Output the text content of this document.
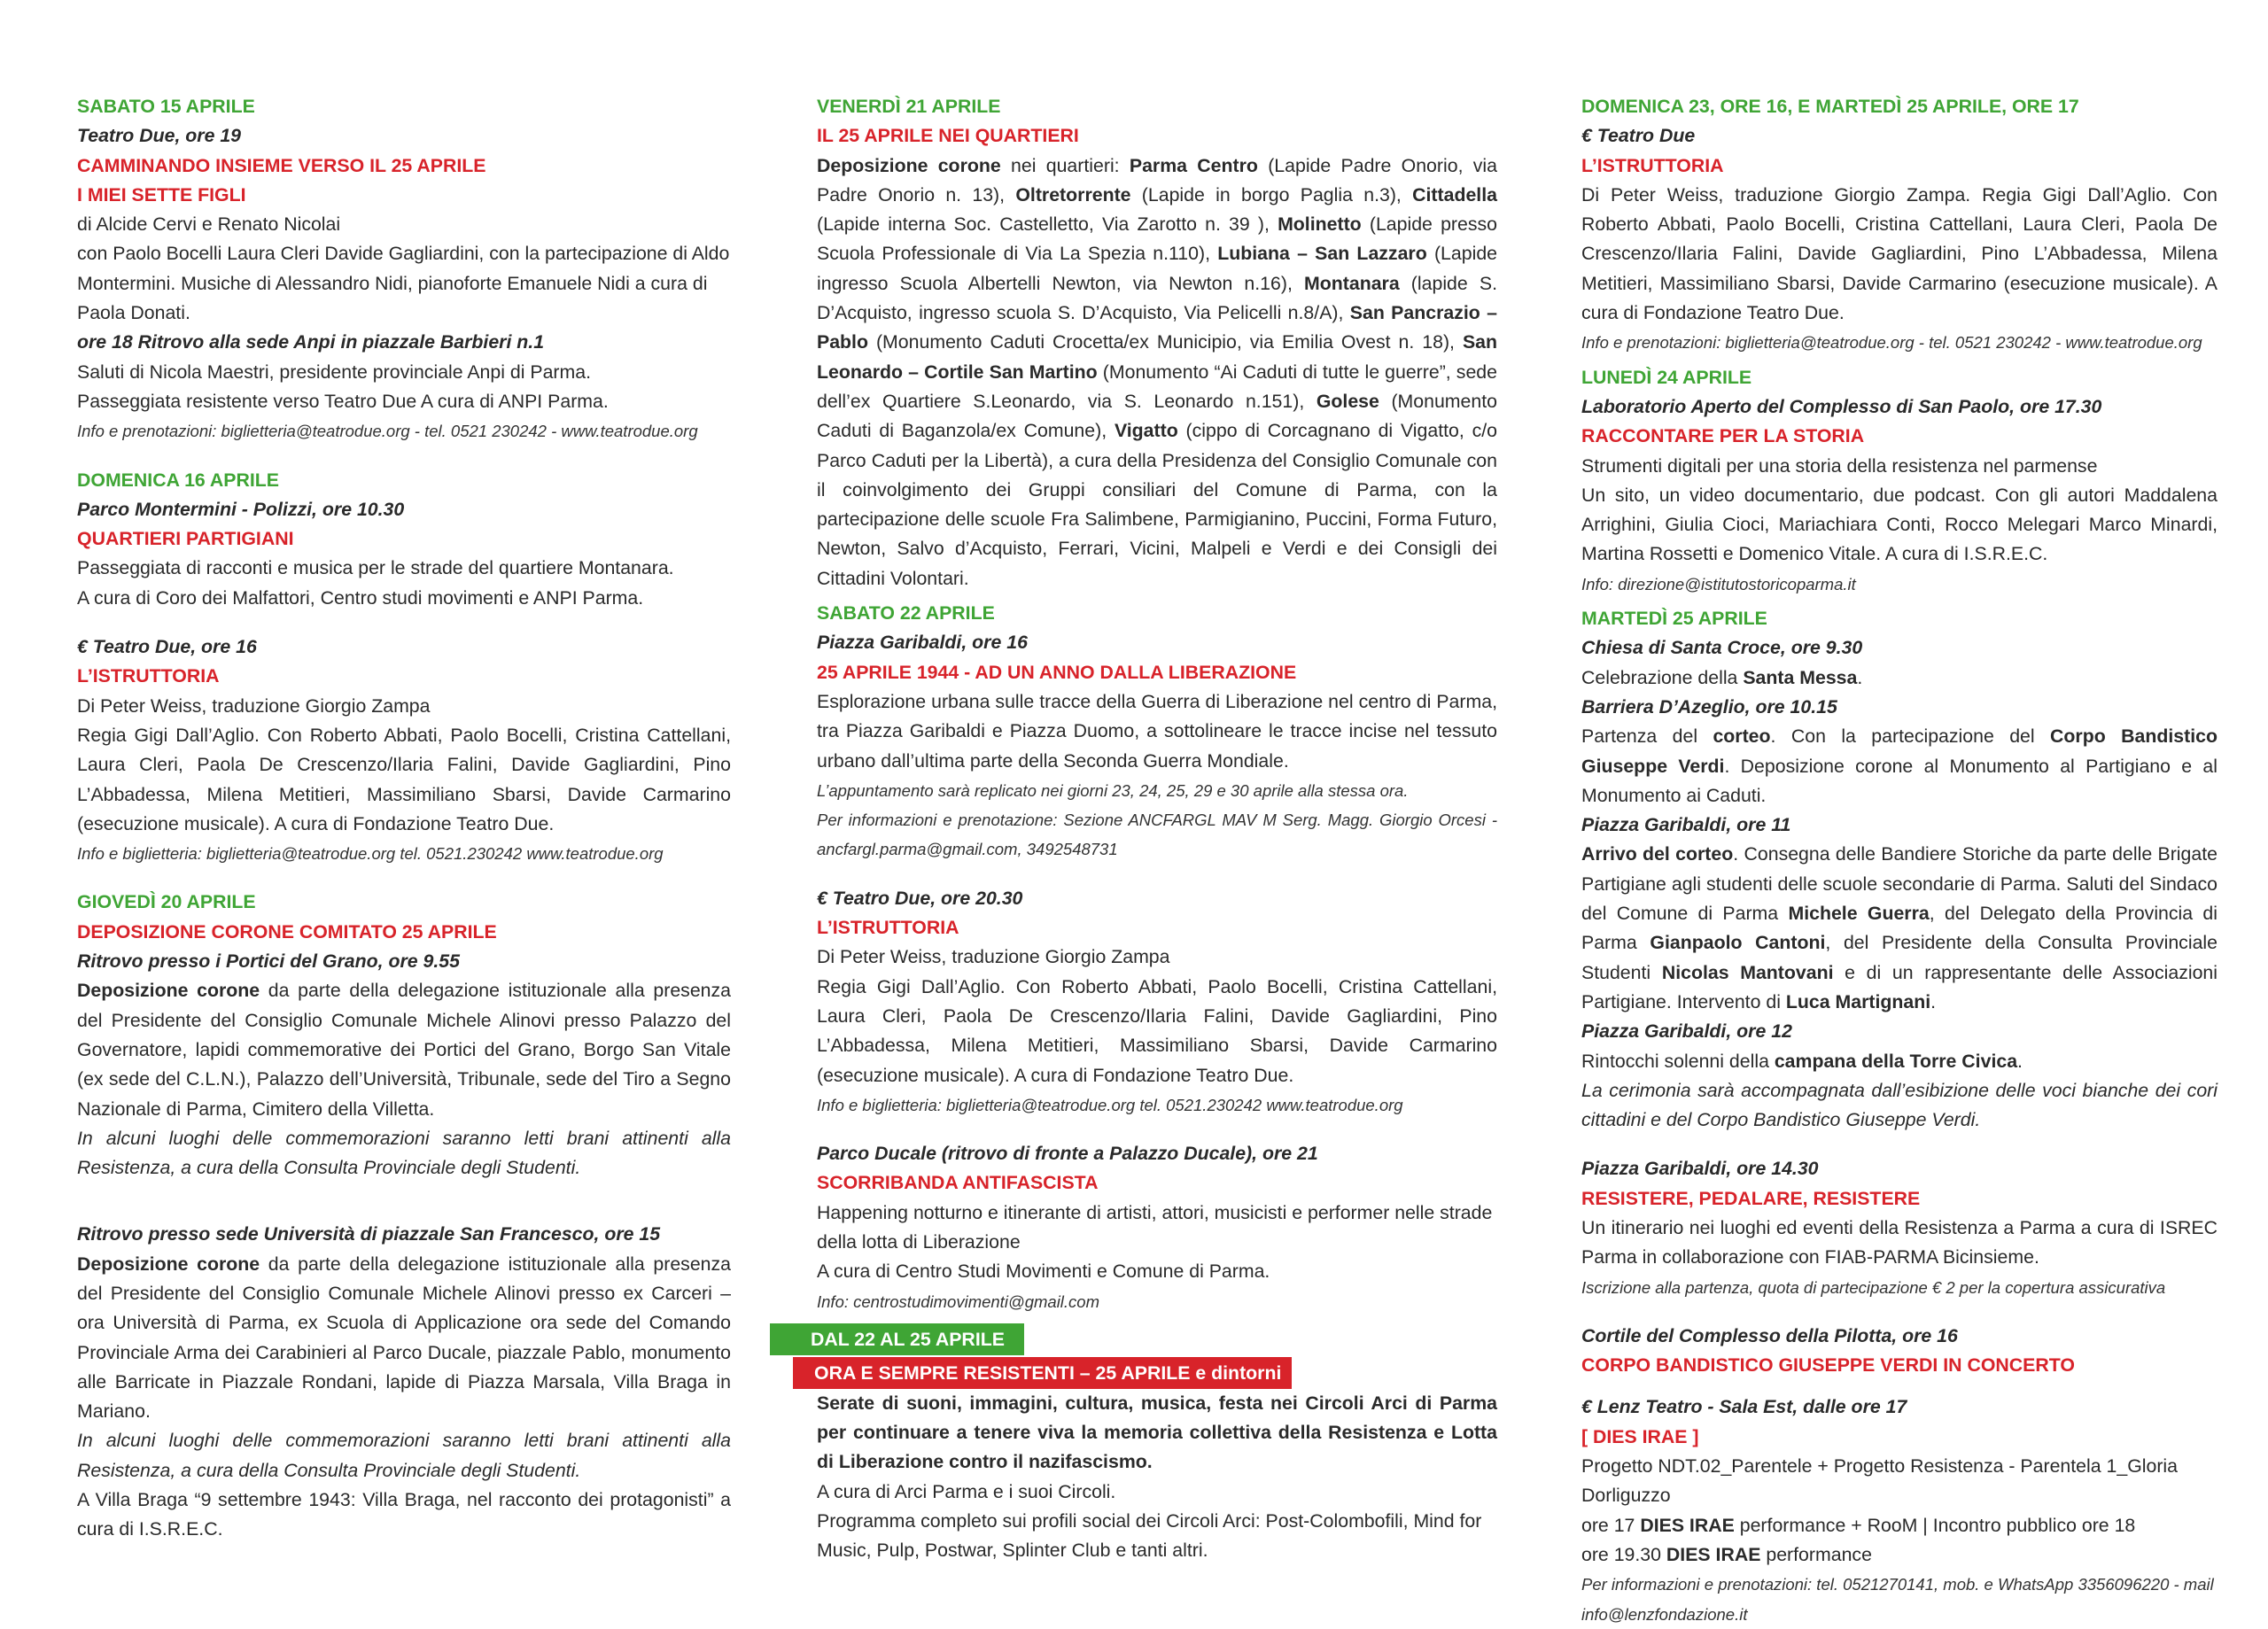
SABATO 15 APRILE

Teatro Due, ore 19

CAMMINANDO INSIEME VERSO IL 25 APRILE

I MIEI SETTE FIGLI

di Alcide Cervi e Renato Nicolai

con Paolo Bocelli Laura Cleri Davide Gagliardini, con la partecipazione di Aldo Montermini. Musiche di Alessandro Nidi, pianoforte Emanuele Nidi a cura di Paola Donati.

ore 18 Ritrovo alla sede Anpi in piazzale Barbieri n.1

Saluti di Nicola Maestri, presidente provinciale Anpi di Parma.

Passeggiata resistente verso Teatro Due A cura di ANPI Parma.

Info e prenotazioni: biglietteria@teatrodue.org - tel. 0521 230242 - www.teatrodue.org

DOMENICA 16 APRILE

Parco Montermini - Polizzi, ore 10.30

QUARTIERI PARTIGIANI

Passeggiata di racconti e musica per le strade del quartiere Montanara.

A cura di Coro dei Malfattori, Centro studi movimenti e ANPI Parma.

€ Teatro Due, ore 16

L’ISTRUTTORIA

Di Peter Weiss, traduzione Giorgio Zampa

Regia Gigi Dall’Aglio. Con Roberto Abbati, Paolo Bocelli, Cristina Cattellani, Laura Cleri, Paola De Crescenzo/Ilaria Falini, Davide Gagliardini, Pino L’Abbadessa, Milena Metitieri, Massimiliano Sbarsi, Davide Carmarino (esecuzione musicale). A cura di Fondazione Teatro Due.

Info e biglietteria: biglietteria@teatrodue.org tel. 0521.230242 www.teatrodue.org

GIOVEDÌ 20 APRILE

DEPOSIZIONE CORONE COMITATO 25 APRILE

Ritrovo presso i Portici del Grano, ore 9.55

Deposizione corone da parte della delegazione istituzionale alla presenza del Presidente del Consiglio Comunale Michele Alinovi presso Palazzo del Governatore, lapidi commemorative dei Portici del Grano, Borgo San Vitale (ex sede del C.L.N.), Palazzo dell’Università, Tribunale, sede del Tiro a Segno Nazionale di Parma, Cimitero della Villetta.

In alcuni luoghi delle commemorazioni saranno letti brani attinenti alla Resistenza, a cura della Consulta Provinciale degli Studenti.

Ritrovo presso sede Università di piazzale San Francesco, ore 15

Deposizione corone da parte della delegazione istituzionale alla presenza del Presidente del Consiglio Comunale Michele Alinovi presso ex Carceri – ora Università di Parma, ex Scuola di Applicazione ora sede del Comando Provinciale Arma dei Carabinieri al Parco Ducale, piazzale Pablo, monumento alle Barricate in Piazzale Rondani, lapide di Piazza Marsala, Villa Braga in Mariano.

In alcuni luoghi delle commemorazioni saranno letti brani attinenti alla Resistenza, a cura della Consulta Provinciale degli Studenti.

A Villa Braga “9 settembre 1943: Villa Braga, nel racconto dei protagonisti” a cura di I.S.R.E.C.

VENERDÌ 21 APRILE

IL 25 APRILE NEI QUARTIERI

Deposizione corone nei quartieri: Parma Centro (Lapide Padre Onorio, via Padre Onorio n. 13), Oltretorrente (Lapide in borgo Paglia n.3), Cittadella (Lapide interna Soc. Castelletto, Via Zarotto n. 39 ), Molinetto (Lapide presso Scuola Professionale di Via La Spezia n.110), Lubiana – San Lazzaro (Lapide ingresso Scuola Albertelli Newton, via Newton n.16), Montanara (lapide S. D’Acquisto, ingresso scuola S. D’Acquisto, Via Pelicelli n.8/A), San Pancrazio – Pablo (Monumento Caduti Crocetta/ex Municipio, via Emilia Ovest n. 18), San Leonardo – Cortile San Martino (Monumento “Ai Caduti di tutte le guerre”, sede dell’ex Quartiere S.Leonardo, via S. Leonardo n.151), Golese (Monumento Caduti di Baganzola/ex Comune), Vigatto (cippo di Corcagnano di Vigatto, c/o Parco Caduti per la Libertà), a cura della Presidenza del Consiglio Comunale con il coinvolgimento dei Gruppi consiliari del Comune di Parma, con la partecipazione delle scuole Fra Salimbene, Parmigianino, Puccini, Forma Futuro, Newton, Salvo d’Acquisto, Ferrari, Vicini, Malpeli e Verdi e dei Consigli dei Cittadini Volontari.

SABATO 22 APRILE

Piazza Garibaldi, ore 16

25 APRILE 1944 - AD UN ANNO DALLA LIBERAZIONE

Esplorazione urbana sulle tracce della Guerra di Liberazione nel centro di Parma, tra Piazza Garibaldi e Piazza Duomo, a sottolineare le tracce incise nel tessuto urbano dall’ultima parte della Seconda Guerra Mondiale.

L’appuntamento sarà replicato nei giorni 23, 24, 25, 29 e 30 aprile alla stessa ora.

Per informazioni e prenotazione: Sezione ANCFARGL MAV M Serg. Magg. Giorgio Orcesi - ancfargl.parma@gmail.com, 3492548731

€ Teatro Due, ore 20.30

L’ISTRUTTORIA

Di Peter Weiss, traduzione Giorgio Zampa

Regia Gigi Dall’Aglio. Con Roberto Abbati, Paolo Bocelli, Cristina Cattellani, Laura Cleri, Paola De Crescenzo/Ilaria Falini, Davide Gagliardini, Pino L’Abbadessa, Milena Metitieri, Massimiliano Sbarsi, Davide Carmarino (esecuzione musicale). A cura di Fondazione Teatro Due.

Info e biglietteria: biglietteria@teatrodue.org tel. 0521.230242 www.teatrodue.org

Parco Ducale (ritrovo di fronte a Palazzo Ducale), ore 21

SCORRIBANDA ANTIFASCISTA

Happening notturno e itinerante di artisti, attori, musicisti e performer nelle strade della lotta di Liberazione

A cura di Centro Studi Movimenti e Comune di Parma.

Info: centrostudimovimenti@gmail.com

DAL 22 AL 25 APRILE
ORA E SEMPRE RESISTENTI – 25 APRILE e dintorni

Serate di suoni, immagini, cultura, musica, festa nei Circoli Arci di Parma per continuare a tenere viva la memoria collettiva della Resistenza e Lotta di Liberazione contro il nazifascismo.

A cura di Arci Parma e i suoi Circoli.

Programma completo sui profili social dei Circoli Arci: Post-Colombofili, Mind for Music, Pulp, Postwar, Splinter Club e tanti altri.

DOMENICA 23, ORE 16, E MARTEDÌ 25 APRILE, ORE 17

€ Teatro Due

L’ISTRUTTORIA

Di Peter Weiss, traduzione Giorgio Zampa. Regia Gigi Dall’Aglio. Con Roberto Abbati, Paolo Bocelli, Cristina Cattellani, Laura Cleri, Paola De Crescenzo/Ilaria Falini, Davide Gagliardini, Pino L’Abbadessa, Milena Metitieri, Massimiliano Sbarsi, Davide Carmarino (esecuzione musicale). A cura di Fondazione Teatro Due.

Info e prenotazioni: biglietteria@teatrodue.org - tel. 0521 230242 - www.teatrodue.org

LUNEDÌ 24 APRILE

Laboratorio Aperto del Complesso di San Paolo, ore 17.30

RACCONTARE PER LA STORIA

Strumenti digitali per una storia della resistenza nel parmense

Un sito, un video documentario, due podcast. Con gli autori Maddalena Arrighini, Giulia Cioci, Mariachiara Conti, Rocco Melegari Marco Minardi, Martina Rossetti e Domenico Vitale. A cura di I.S.R.E.C.

Info: direzione@istitutostoricoparma.it

MARTEDÌ 25 APRILE

Chiesa di Santa Croce, ore 9.30

Celebrazione della Santa Messa.

Barriera D’Azeglio, ore 10.15

Partenza del corteo. Con la partecipazione del Corpo Bandistico Giuseppe Verdi. Deposizione corone al Monumento al Partigiano e al Monumento ai Caduti.

Piazza Garibaldi, ore 11

Arrivo del corteo. Consegna delle Bandiere Storiche da parte delle Brigate Partigiane agli studenti delle scuole secondarie di Parma. Saluti del Sindaco del Comune di Parma Michele Guerra, del Delegato della Provincia di Parma Gianpaolo Cantoni, del Presidente della Consulta Provinciale Studenti Nicolas Mantovani e di un rappresentante delle Associazioni Partigiane. Intervento di Luca Martignani.

Piazza Garibaldi, ore 12

Rintocchi solenni della campana della Torre Civica.

La cerimonia sarà accompagnata dall’esibizione delle voci bianche dei cori cittadini e del Corpo Bandistico Giuseppe Verdi.

Piazza Garibaldi, ore 14.30

RESISTERE, PEDALARE, RESISTERE

Un itinerario nei luoghi ed eventi della Resistenza a Parma a cura di ISREC Parma in collaborazione con FIAB-PARMA Bicinsieme.

Iscrizione alla partenza, quota di partecipazione € 2 per la copertura assicurativa

Cortile del Complesso della Pilotta, ore 16

CORPO BANDISTICO GIUSEPPE VERDI IN CONCERTO

€ Lenz Teatro - Sala Est, dalle ore 17

[ DIES IRAE ]

Progetto NDT.02_Parentele + Progetto Resistenza - Parentela 1_Gloria Dorliguzzo

ore 17 DIES IRAE performance + RooM | Incontro pubblico ore 18

ore 19.30 DIES IRAE performance

Per informazioni e prenotazioni: tel. 0521270141, mob. e WhatsApp 3356096220 - mail info@lenzfondazione.it
